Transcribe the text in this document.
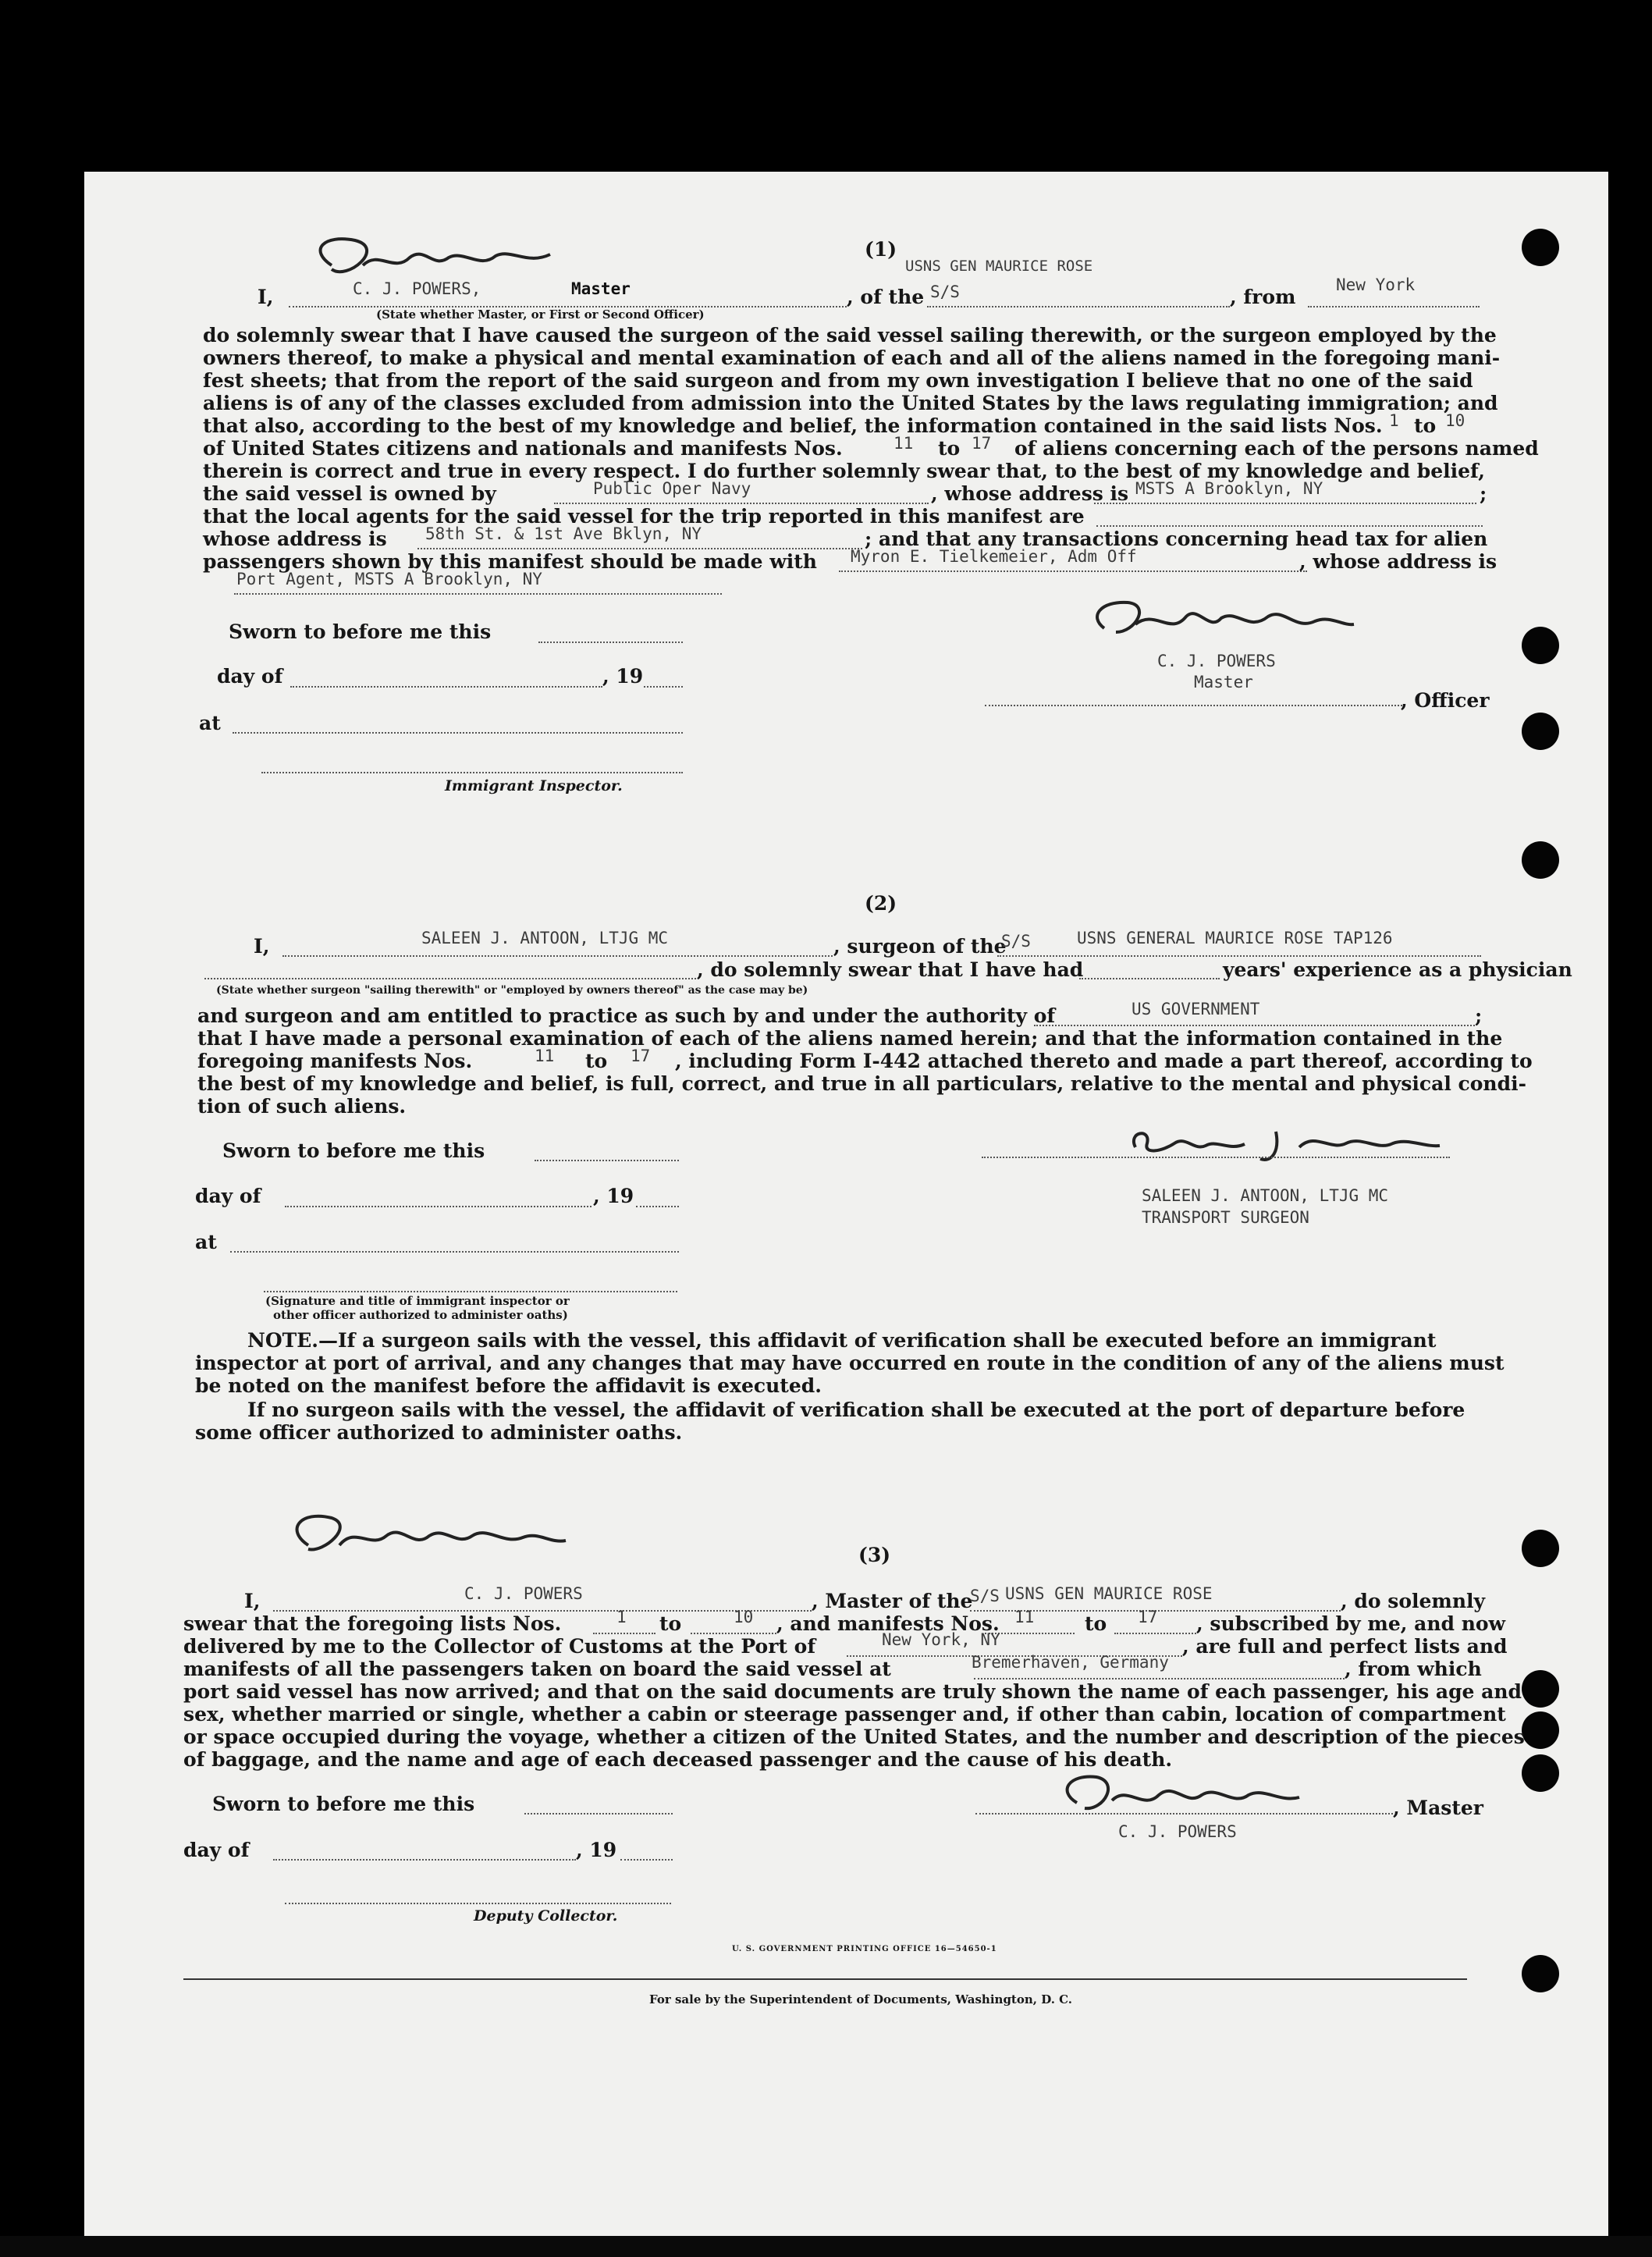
(1)
I,	C. J. POWERS,	Master
(State whether Master, or First or Second Officer)
, of the S/S
USNS GEN MAURICE ROSE
, from
New York
do solemnly swear that I have caused the surgeon of the said vessel sailing therewith, or the surgeon employed by the
owners thereof, to make a physical and mental examination of each and all of the aliens named in the foregoing mani-
fest sheets; that from the report of the said surgeon and from my own investigation I believe that no one of the said
aliens is of any of the classes excluded from admission into the United States by the laws regulating immigration; and
that also, according to the best of my knowledge and belief, the information contained in the said lists Nos. 1 to 10
of United States citizens and nationals and manifests Nos.	11 to 17 of aliens concerning each of the persons named
therein is correct and true in every respect. I do further solemnly swear that, to the best of my knowledge and belief,
the said vessel is owned by	Public Oper Navy	, whose address is MSTS A Brooklyn, NY	;
that the local agents for the said vessel for the trip reported in this manifest are
whose address is 58th St. & 1st Ave Bklyn, NY	; and that any transactions concerning head tax for alien
passengers shown by this manifest should be made with Myron E. Tielkemeier, Adm Off	, whose address is
Port Agent, MSTS A Brooklyn, NY
Sworn to before me this
day of	, 19
at
Immigrant Inspector.
C. J. POWERS
Master
, Officer
(2)
I,	SALEEN J. ANTOON, LTJG MC	, surgeon of the
S/S	USNS GENERAL MAURICE ROSE TAP126
, do solemnly swear that I have had	years' experience as a physician
(State whether surgeon "sailing therewith" or "employed by owners thereof" as the case may be)
and surgeon and am entitled to practice as such by and under the authority of	US GOVERNMENT	;
that I have made a personal examination of each of the aliens named herein; and that the information contained in the
foregoing manifests Nos.	11 to 17 , including Form I-442 attached thereto and made a part thereof, according to
the best of my knowledge and belief, is full, correct, and true in all particulars, relative to the mental and physical condi-
tion of such aliens.
Sworn to before me this
day of	, 19
at
(Signature and title of immigrant inspector or
other officer authorized to administer oaths)
SALEEN J. ANTOON, LTJG MC
TRANSPORT SURGEON
NOTE.—If a surgeon sails with the vessel, this affidavit of verification shall be executed before an immigrant
inspector at port of arrival, and any changes that may have occurred en route in the condition of any of the aliens must
be noted on the manifest before the affidavit is executed.
If no surgeon sails with the vessel, the affidavit of verification shall be executed at the port of departure before
some officer authorized to administer oaths.
(3)
I,	C. J. POWERS	, Master of the
S/S USNS GEN MAURICE ROSE	, do solemnly
swear that the foregoing lists Nos.	1 to	10 , and manifests Nos. 11	to 17 , subscribed by me, and now
delivered by me to the Collector of Customs at the Port of	New York, NY	, are full and perfect lists and
manifests of all the passengers taken on board the said vessel at	Bremerhaven, Germany	, from which
port said vessel has now arrived; and that on the said documents are truly shown the name of each passenger, his age and
sex, whether married or single, whether a cabin or steerage passenger and, if other than cabin, location of compartment
or space occupied during the voyage, whether a citizen of the United States, and the number and description of the pieces
of baggage, and the name and age of each deceased passenger and the cause of his death.
Sworn to before me this
day of	, 19
Deputy Collector.
, Master
C. J. POWERS
U. S. GOVERNMENT PRINTING OFFICE 16—54650-1
For sale by the Superintendent of Documents, Washington, D. C.
